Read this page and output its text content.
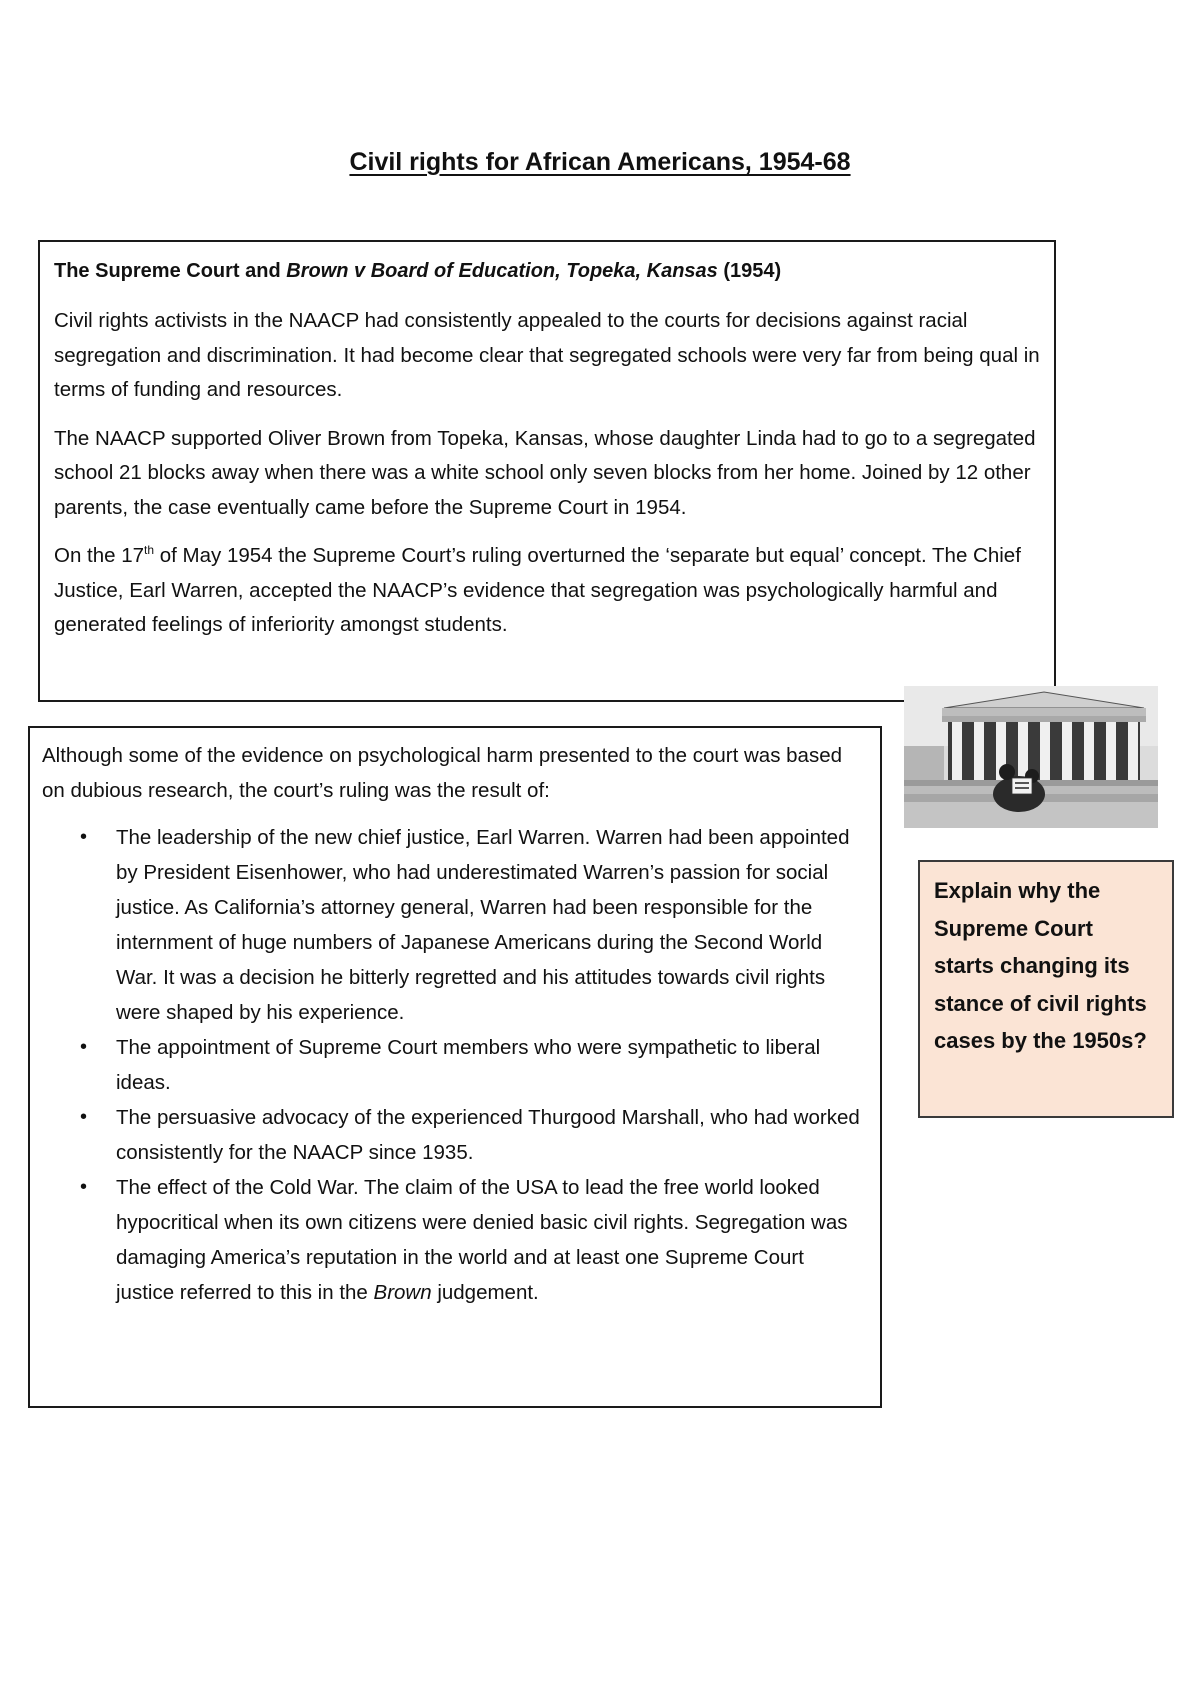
Civil rights for African Americans, 1954-68
The Supreme Court and Brown v Board of Education, Topeka, Kansas (1954)

Civil rights activists in the NAACP had consistently appealed to the courts for decisions against racial segregation and discrimination. It had become clear that segregated schools were very far from being qual in terms of funding and resources.

The NAACP supported Oliver Brown from Topeka, Kansas, whose daughter Linda had to go to a segregated school 21 blocks away when there was a white school only seven blocks from her home. Joined by 12 other parents, the case eventually came before the Supreme Court in 1954.

On the 17th of May 1954 the Supreme Court’s ruling overturned the ‘separate but equal’ concept. The Chief Justice, Earl Warren, accepted the NAACP’s evidence that segregation was psychologically harmful and generated feelings of inferiority amongst students.

Although some of the evidence on psychological harm presented to the court was based on dubious research, the court’s ruling was the result of:

• The leadership of the new chief justice, Earl Warren. Warren had been appointed by President Eisenhower, who had underestimated Warren’s passion for social justice. As California’s attorney general, Warren had been responsible for the internment of huge numbers of Japanese Americans during the Second World War. It was a decision he bitterly regretted and his attitudes towards civil rights were shaped by his experience.
• The appointment of Supreme Court members who were sympathetic to liberal ideas.
• The persuasive advocacy of the experienced Thurgood Marshall, who had worked consistently for the NAACP since 1935.
• The effect of the Cold War. The claim of the USA to lead the free world looked hypocritical when its own citizens were denied basic civil rights. Segregation was damaging America’s reputation in the world and at least one Supreme Court justice referred to this in the Brown judgement.
Explain why the Supreme Court starts changing its stance of civil rights cases by the 1950s?
